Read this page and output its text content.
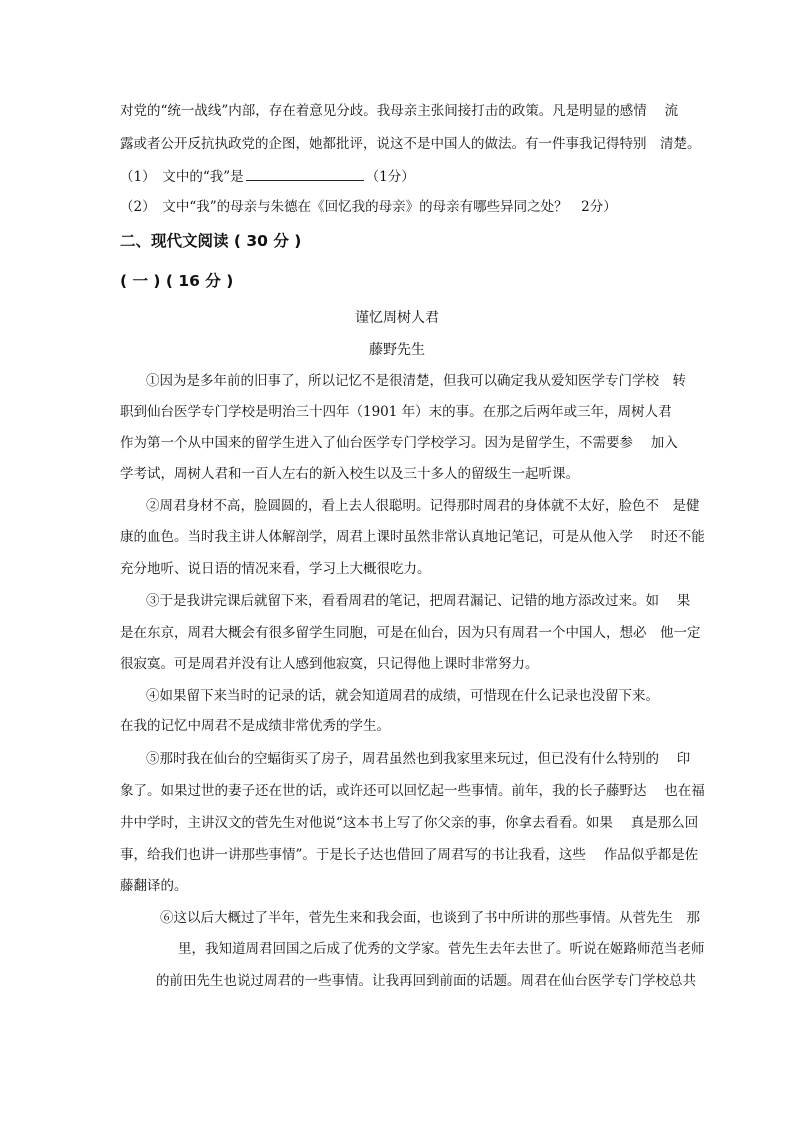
对党的“统一战线”内部，存在着意见分歧。我母亲主张间接打击的政策。凡是明显的感情　 流
露或者公开反抗执政党的企图，她都批评，说这不是中国人的做法。有一件事我记得特别　清楚。
（1）　文中的“我”是	（1分）
（2）　文中“我”的母亲与朱德在《回忆我的母亲》的母亲有哪些异同之处？　2分）
二、现代文阅读 ( 30 分 )
( 一 ) ( 16 分 )
谨忆周树人君
藤野先生
①因为是多年前的旧事了，所以记忆不是很清楚，但我可以确定我从爱知医学专门学校　转
职到仙台医学专门学校是明治三十四年（1901 年）末的事。在那之后两年或三年，周树人君
作为第一个从中国来的留学生进入了仙台医学专门学校学习。因为是留学生，不需要参　 加入
学考试，周树人君和一百人左右的新入校生以及三十多人的留级生一起听课。
②周君身材不高，脸圆圆的，看上去人很聪明。记得那时周君的身体就不太好，脸色不　是健
康的血色。当时我主讲人体解剖学，周君上课时虽然非常认真地记笔记，可是从他入学　 时还不能
充分地听、说日语的情况来看，学习上大概很吃力。
③于是我讲完课后就留下来，看看周君的笔记，把周君漏记、记错的地方添改过来。如　 果
是在东京，周君大概会有很多留学生同胞，可是在仙台，因为只有周君一个中国人，想必　他一定
很寂寞。可是周君并没有让人感到他寂寞，只记得他上课时非常努力。
④如果留下来当时的记录的话，就会知道周君的成绩，可惜现在什么记录也没留下来。
在我的记忆中周君不是成绩非常优秀的学生。
⑤那时我在仙台的空蝠街买了房子，周君虽然也到我家里来玩过，但已没有什么特别的　 印
象了。如果过世的妻子还在世的话，或许还可以回忆起一些事情。前年，我的长子藤野达　 也在福
井中学时，主讲汉文的菅先生对他说“这本书上写了你父亲的事，你拿去看看。如果　 真是那么回
事，给我们也讲一讲那些事情”。于是长子达也借回了周君写的书让我看，这些　 作品似乎都是佐
藤翻译的。
⑥这以后大概过了半年，菅先生来和我会面，也谈到了书中所讲的那些事情。从菅先生　那
里，我知道周君回国之后成了优秀的文学家。菅先生去年去世了。听说在姬路师范当老师
的前田先生也说过周君的一些事情。让我再回到前面的话题。周君在仙台医学专门学校总共
